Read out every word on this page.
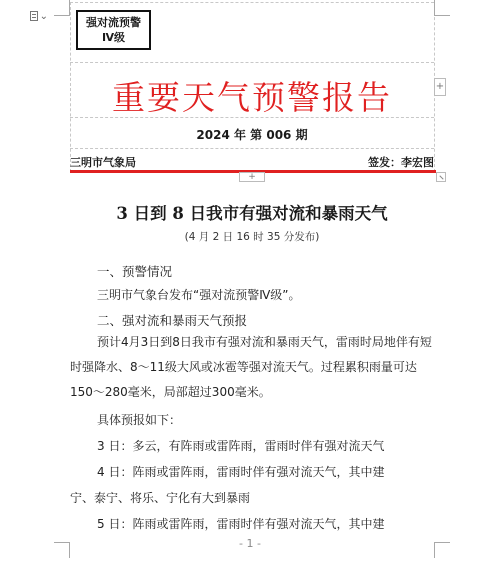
⌄	强对流预警
Ⅳ级
重要天气预警报告	+
2024 年 第 006 期
三明市气象局	签发：李宏图
+
3 日到 8 日我市有强对流和暴雨天气
(4 月 2 日 16 时 35 分发布)
一、预警情况
三明市气象台发布“强对流预警Ⅳ级”。
二、强对流和暴雨天气预报
预计4月3日到8日我市有强对流和暴雨天气，雷雨时局地伴有短时强降水、8～11级大风或冰雹等强对流天气。过程累积雨量可达150～280毫米，局部超过300毫米。
具体预报如下：
3 日：多云，有阵雨或雷阵雨，雷雨时伴有强对流天气
4 日：阵雨或雷阵雨，雷雨时伴有强对流天气，其中建
宁、泰宁、将乐、宁化有大到暴雨
5 日：阵雨或雷阵雨，雷雨时伴有强对流天气，其中建
- 1 -
